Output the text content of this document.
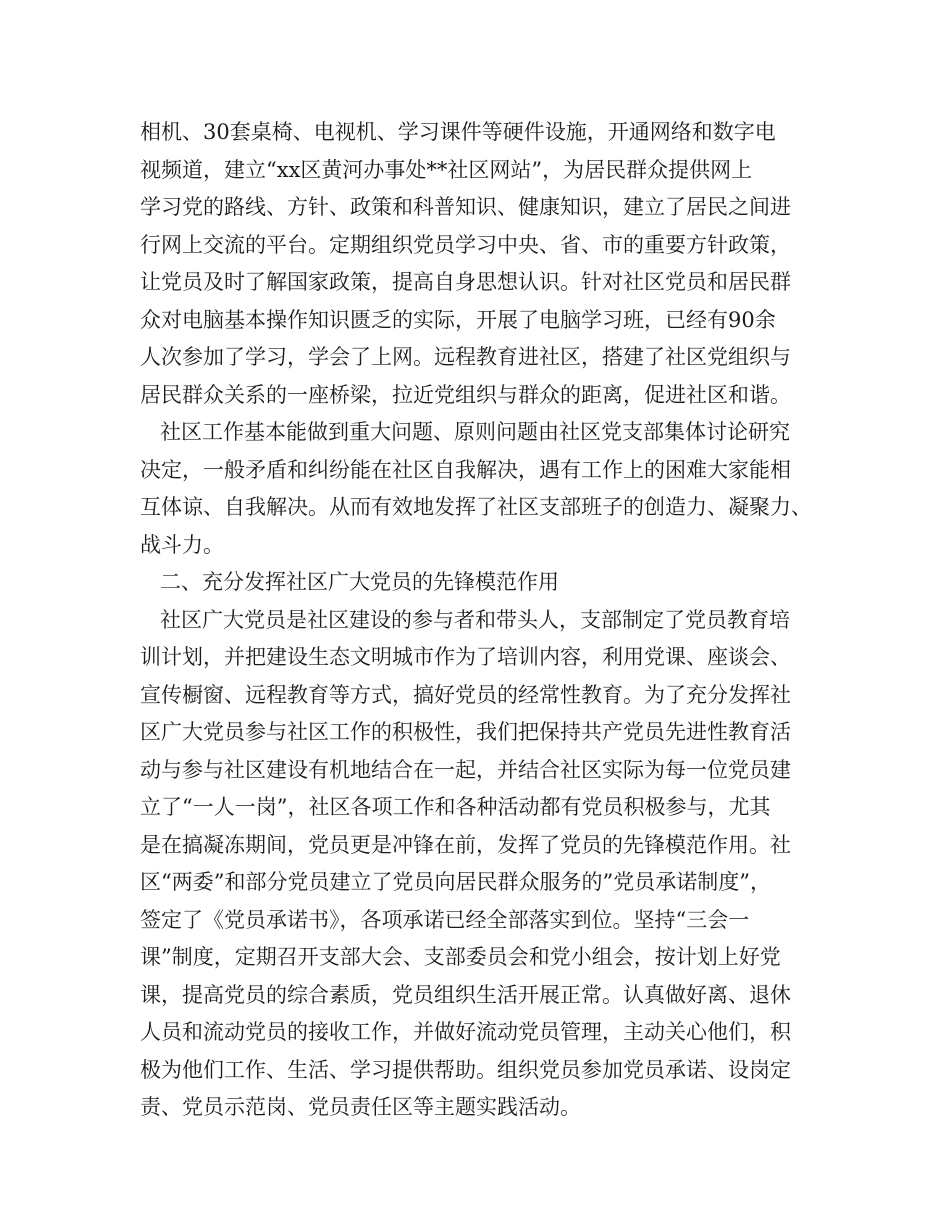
相机、30套桌椅、电视机、学习课件等硬件设施，开通网络和数字电
视频道，建立“xx区黄河办事处**社区网站”，为居民群众提供网上
学习党的路线、方针、政策和科普知识、健康知识，建立了居民之间进
行网上交流的平台。定期组织党员学习中央、省、市的重要方针政策，
让党员及时了解国家政策，提高自身思想认识。针对社区党员和居民群
众对电脑基本操作知识匮乏的实际，开展了电脑学习班，已经有90余
人次参加了学习，学会了上网。远程教育进社区，搭建了社区党组织与
居民群众关系的一座桥梁，拉近党组织与群众的距离，促进社区和谐。
社区工作基本能做到重大问题、原则问题由社区党支部集体讨论研究
决定，一般矛盾和纠纷能在社区自我解决，遇有工作上的困难大家能相
互体谅、自我解决。从而有效地发挥了社区支部班子的创造力、凝聚力、
战斗力。
二、充分发挥社区广大党员的先锋模范作用
社区广大党员是社区建设的参与者和带头人，支部制定了党员教育培
训计划，并把建设生态文明城市作为了培训内容，利用党课、座谈会、
宣传橱窗、远程教育等方式，搞好党员的经常性教育。为了充分发挥社
区广大党员参与社区工作的积极性，我们把保持共产党员先进性教育活
动与参与社区建设有机地结合在一起，并结合社区实际为每一位党员建
立了“一人一岗”，社区各项工作和各种活动都有党员积极参与，尤其
是在搞凝冻期间，党员更是冲锋在前，发挥了党员的先锋模范作用。社
区“两委”和部分党员建立了党员向居民群众服务的”党员承诺制度”，
签定了《党员承诺书》，各项承诺已经全部落实到位。坚持“三会一
课”制度，定期召开支部大会、支部委员会和党小组会，按计划上好党
课，提高党员的综合素质，党员组织生活开展正常。认真做好离、退休
人员和流动党员的接收工作，并做好流动党员管理，主动关心他们，积
极为他们工作、生活、学习提供帮助。组织党员参加党员承诺、设岗定
责、党员示范岗、党员责任区等主题实践活动。
